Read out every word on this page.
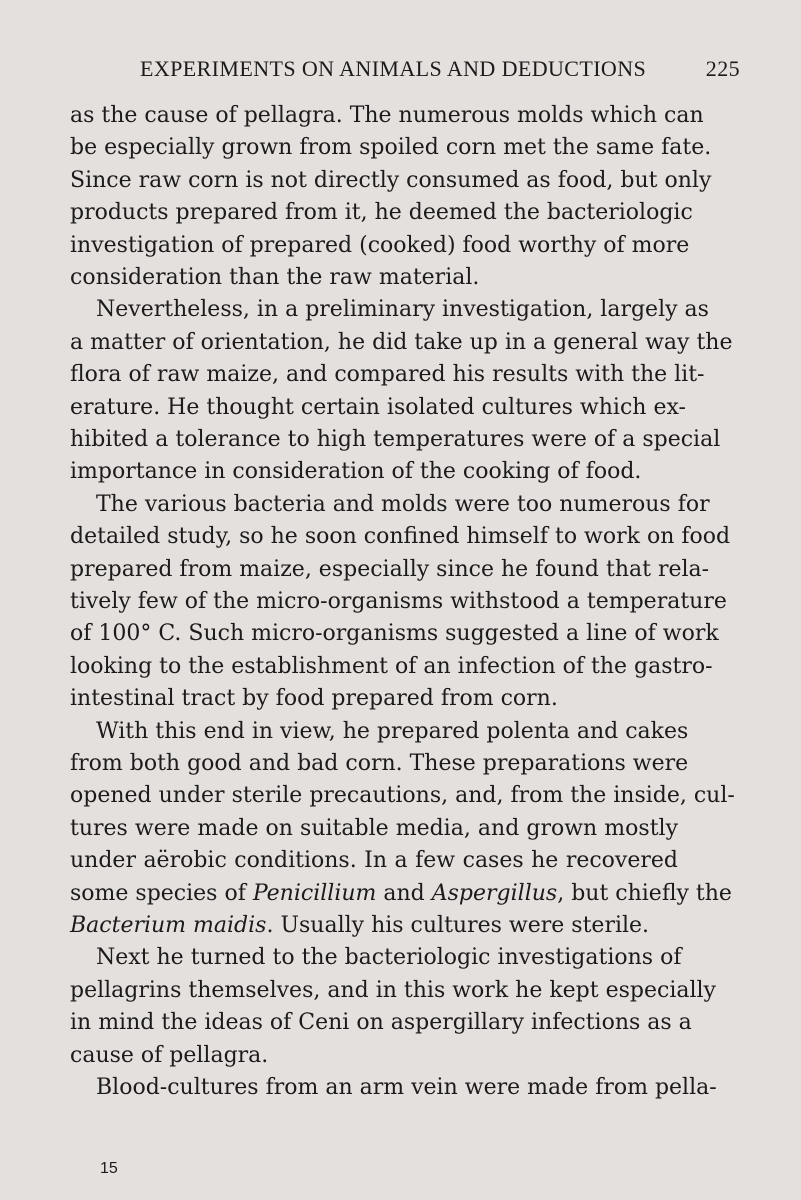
EXPERIMENTS ON ANIMALS AND DEDUCTIONS	225
as the cause of pellagra. The numerous molds which can
be especially grown from spoiled corn met the same fate.
Since raw corn is not directly consumed as food, but only
products prepared from it, he deemed the bacteriologic
investigation of prepared (cooked) food worthy of more
consideration than the raw material.
Nevertheless, in a preliminary investigation, largely as
a matter of orientation, he did take up in a general way the
flora of raw maize, and compared his results with the lit-
erature. He thought certain isolated cultures which ex-
hibited a tolerance to high temperatures were of a special
importance in consideration of the cooking of food.
The various bacteria and molds were too numerous for
detailed study, so he soon confined himself to work on food
prepared from maize, especially since he found that rela-
tively few of the micro-organisms withstood a temperature
of 100° C. Such micro-organisms suggested a line of work
looking to the establishment of an infection of the gastro-
intestinal tract by food prepared from corn.
With this end in view, he prepared polenta and cakes
from both good and bad corn. These preparations were
opened under sterile precautions, and, from the inside, cul-
tures were made on suitable media, and grown mostly
under aërobic conditions. In a few cases he recovered
some species of Penicillium and Aspergillus, but chiefly the
Bacterium maidis. Usually his cultures were sterile.
Next he turned to the bacteriologic investigations of
pellagrins themselves, and in this work he kept especially
in mind the ideas of Ceni on aspergillary infections as a
cause of pellagra.
Blood-cultures from an arm vein were made from pella-
15
